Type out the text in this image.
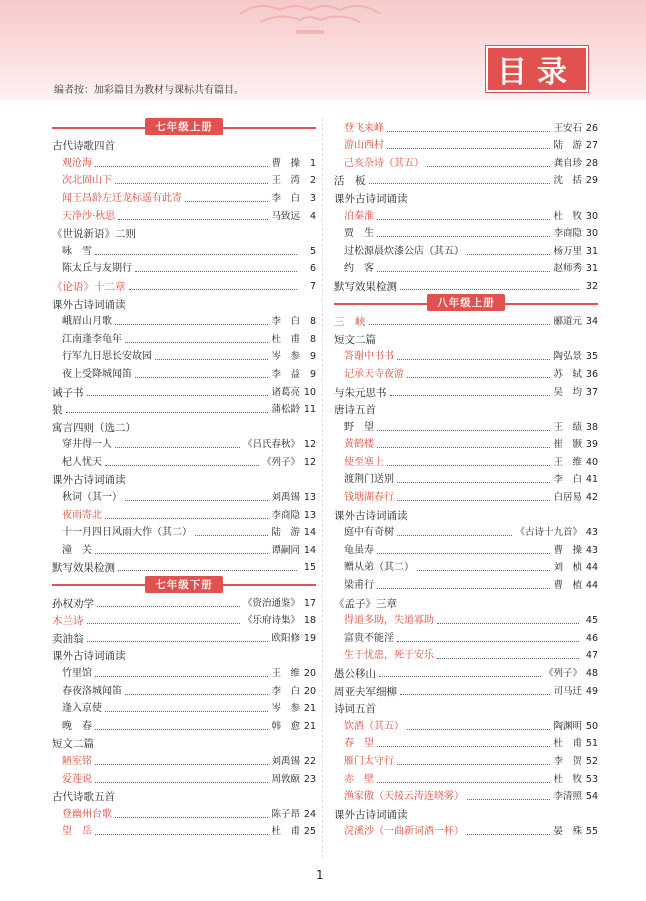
目录
编者按：加彩篇目为教材与课标共有篇目。
七年级上册
古代诗歌四首
观沧海	曹　操	1
次北固山下	王　湾	2
闻王昌龄左迁龙标遥有此寄	李　白	3
天净沙·秋思	马致远	4
《世说新语》二则
咏　雪	5
陈太丘与友期行	6
《论语》十二章	7
课外古诗词诵读
峨眉山月歌	李　白	8
江南逢李龟年	杜　甫	8
行军九日思长安故园	岑　参	9
夜上受降城闻笛	李　益	9
诫子书	诸葛亮 10
狼	蒲松龄 11
寓言四则（选二）
穿井得一人	《吕氏春秋》 12
杞人忧天	《列子》 12
课外古诗词诵读
秋词（其一）	刘禹锡 13
夜雨寄北	李商隐 13
十一月四日风雨大作（其二）	陆　游 14
潼　关	谭嗣同 14
默写效果检测	15
七年级下册
孙权劝学	《资治通鉴》 17
木兰诗	《乐府诗集》 18
卖油翁	欧阳修 19
课外古诗词诵读
竹里馆	王　维 20
春夜洛城闻笛	李　白 20
逢入京使	岑　参 21
晚　春	韩　愈 21
短文二篇
陋室铭	刘禹锡 22
爱莲说	周敦颐 23
古代诗歌五首
登幽州台歌	陈子昂 24
望　岳	杜　甫 25
登飞来峰	王安石 26
游山西村	陆　游 27
己亥杂诗（其五）	龚自珍 28
活　板	沈　括 29
课外古诗词诵读
泊秦淮	杜　牧 30
贾　生	李商隐 30
过松源晨炊漆公店（其五）	杨万里 31
约　客	赵师秀 31
默写效果检测	32
八年级上册
三　峡	郦道元 34
短文二篇
答谢中书书	陶弘景 35
记承天寺夜游	苏　轼 36
与朱元思书	吴　均 37
唐诗五首
野　望	王　绩 38
黄鹤楼	崔　颢 39
使至塞上	王　维 40
渡荆门送别	李　白 41
钱塘湖春行	白居易 42
课外古诗词诵读
庭中有奇树	《古诗十九首》 43
龟虽寿	曹　操 43
赠从弟（其二）	刘　桢 44
梁甫行	曹　植 44
《孟子》三章
得道多助，失道寡助	45
富贵不能淫	46
生于忧患，死于安乐	47
愚公移山	《列子》 48
周亚夫军细柳	司马迁 49
诗词五首
饮酒（其五）	陶渊明 50
春　望	杜　甫 51
雁门太守行	李　贺 52
赤　壁	杜　牧 53
渔家傲（天接云涛连晓雾）	李清照 54
课外古诗词诵读
浣溪沙（一曲新词酒一杯）	晏　殊 55
1
